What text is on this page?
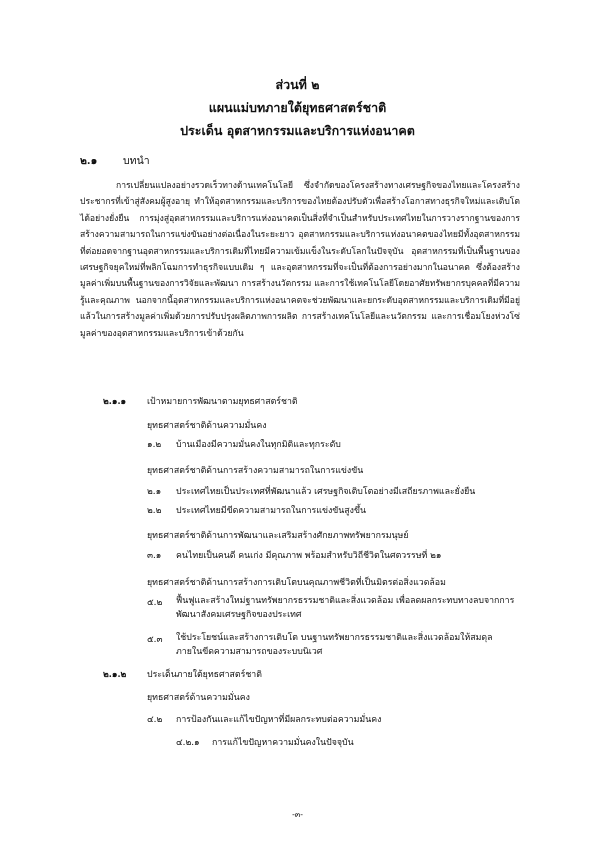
ส่วนที่ ๒
แผนแม่บทภายใต้ยุทธศาสตร์ชาติ
ประเด็น อุตสาหกรรมและบริการแห่งอนาคต
๒.๑ บทนำ

การเปลี่ยนแปลงอย่างรวดเร็วทางด้านเทคโนโลยี ซึ่งจำกัดของโครงสร้างทางเศรษฐกิจของไทยและโครงสร้างประชากรที่เข้าสู่สังคมผู้สูงอายุ ทำให้อุตสาหกรรมและบริการของไทยต้องปรับตัวเพื่อสร้างโอกาสทางธุรกิจใหม่และเติบโตได้อย่างยั่งยืน การมุ่งสู่อุตสาหกรรมและบริการแห่งอนาคตเป็นสิ่งที่จำเป็นสำหรับประเทศไทยในการวางรากฐานของการสร้างความสามารถในการแข่งขันอย่างต่อเนื่องในระยะยาว อุตสาหกรรมและบริการแห่งอนาคตของไทยมีทั้งอุตสาหกรรมที่ต่อยอดจากฐานอุตสาหกรรมและบริการเดิมที่ไทยมีความเข้มแข็งในระดับโลกในปัจจุบัน อุตสาหกรรมที่เป็นพื้นฐานของเศรษฐกิจยุคใหม่ที่พลิกโฉมการทำธุรกิจแบบเดิม ๆ และอุตสาหกรรมที่จะเป็นที่ต้องการอย่างมากในอนาคต ซึ่งต้องสร้างมูลค่าเพิ่มบนพื้นฐานของการวิจัยและพัฒนา การสร้างนวัตกรรม และการใช้เทคโนโลยีโดยอาศัยทรัพยากรบุคคลที่มีความรู้และคุณภาพ นอกจากนี้อุตสาหกรรมและบริการแห่งอนาคตจะช่วยพัฒนาและยกระดับอุตสาหกรรมและบริการเดิมที่มีอยู่แล้วในการสร้างมูลค่าเพิ่มด้วยการปรับปรุงผลิตภาพการผลิต การสร้างเทคโนโลยีและนวัตกรรม และการเชื่อมโยงห่วงโซ่มูลค่าของอุตสาหกรรมและบริการเข้าด้วยกัน

๒.๑.๑ เป้าหมายการพัฒนาตามยุทธศาสตร์ชาติ
ยุทธศาสตร์ชาติด้านความมั่นคง
๑.๒ บ้านเมืองมีความมั่นคงในทุกมิติและทุกระดับ
ยุทธศาสตร์ชาติด้านการสร้างความสามารถในการแข่งขัน
๒.๑ ประเทศไทยเป็นประเทศที่พัฒนาแล้ว เศรษฐกิจเติบโตอย่างมีเสถียรภาพและยั่งยืน
๒.๒ ประเทศไทยมีขีดความสามารถในการแข่งขันสูงขึ้น
ยุทธศาสตร์ชาติด้านการพัฒนาและเสริมสร้างศักยภาพทรัพยากรมนุษย์
๓.๑ คนไทยเป็นคนดี คนเก่ง มีคุณภาพ พร้อมสำหรับวิถีชีวิตในศตวรรษที่ ๒๑
ยุทธศาสตร์ชาติด้านการสร้างการเติบโตบนคุณภาพชีวิตที่เป็นมิตรต่อสิ่งแวดล้อม
๕.๒ ฟื้นฟูและสร้างใหม่ฐานทรัพยากรธรรมชาติและสิ่งแวดล้อม เพื่อลดผลกระทบทางลบจากการพัฒนาสังคมเศรษฐกิจของประเทศ
๕.๓ ใช้ประโยชน์และสร้างการเติบโต บนฐานทรัพยากรธรรมชาติและสิ่งแวดล้อมให้สมดุลภายในขีดความสามารถของระบบนิเวศ
๒.๑.๒ ประเด็นภายใต้ยุทธศาสตร์ชาติ
ยุทธศาสตร์ด้านความมั่นคง
๔.๒ การป้องกันและแก้ไขปัญหาที่มีผลกระทบต่อความมั่นคง
๔.๒.๑ การแก้ไขปัญหาความมั่นคงในปัจจุบัน
-๓-
